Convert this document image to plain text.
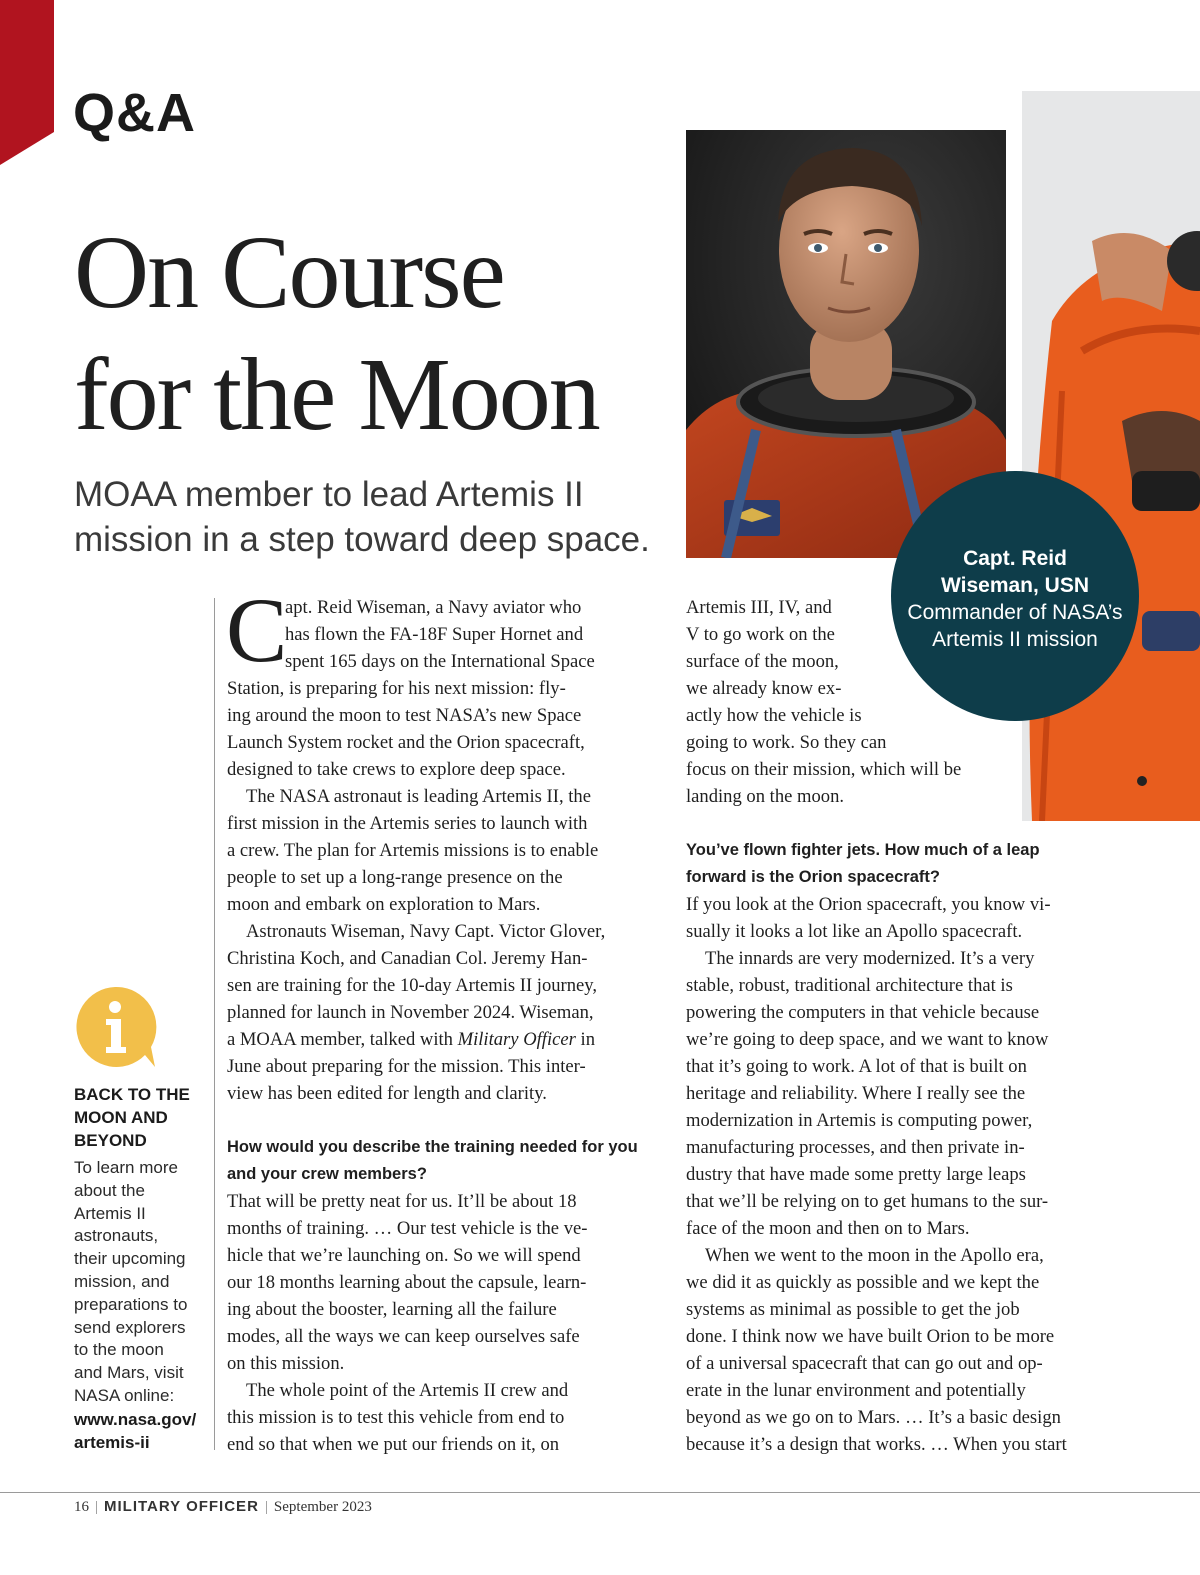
Q&A
On Course
for the Moon
MOAA member to lead Artemis II
mission in a step toward deep space.	Capt. Reid
Wiseman, USN
Commander of NASA’s
Artemis II mission
BACK TO THE
MOON AND
BEYOND
To learn more
about the
Artemis II
astronauts,
their upcoming
mission, and
preparations to
send explorers
to the moon
and Mars, visit
NASA online:
www.nasa.gov/
artemis-ii
C
apt. Reid Wiseman, a Navy aviator who
has flown the FA-18F Super Hornet and
spent 165 days on the International Space
Station, is preparing for his next mission: fly-
ing around the moon to test NASA’s new Space
Launch System rocket and the Orion spacecraft,
designed to take crews to explore deep space.
The NASA astronaut is leading Artemis II, the
first mission in the Artemis series to launch with
a crew. The plan for Artemis missions is to enable
people to set up a long-range presence on the
moon and embark on exploration to Mars.
Astronauts Wiseman, Navy Capt. Victor Glover,
Christina Koch, and Canadian Col. Jeremy Han-
sen are training for the 10-day Artemis II journey,
planned for launch in November 2024. Wiseman,
a MOAA member, talked with Military Officer in
June about preparing for the mission. This inter-
view has been edited for length and clarity.
How would you describe the training needed for you
and your crew members?
That will be pretty neat for us. It’ll be about 18
months of training. … Our test vehicle is the ve-
hicle that we’re launching on. So we will spend
our 18 months learning about the capsule, learn-
ing about the booster, learning all the failure
modes, all the ways we can keep ourselves safe
on this mission.
The whole point of the Artemis II crew and
this mission is to test this vehicle from end to
end so that when we put our friends on it, on
Artemis III, IV, and
V to go work on the
surface of the moon,
we already know ex-
actly how the vehicle is
going to work. So they can
focus on their mission, which will be
landing on the moon.
You’ve flown fighter jets. How much of a leap
forward is the Orion spacecraft?
If you look at the Orion spacecraft, you know vi-
sually it looks a lot like an Apollo spacecraft.
The innards are very modernized. It’s a very
stable, robust, traditional architecture that is
powering the computers in that vehicle because
we’re going to deep space, and we want to know
that it’s going to work. A lot of that is built on
heritage and reliability. Where I really see the
modernization in Artemis is computing power,
manufacturing processes, and then private in-
dustry that have made some pretty large leaps
that we’ll be relying on to get humans to the sur-
face of the moon and then on to Mars.
When we went to the moon in the Apollo era,
we did it as quickly as possible and we kept the
systems as minimal as possible to get the job
done. I think now we have built Orion to be more
of a universal spacecraft that can go out and op-
erate in the lunar environment and potentially
beyond as we go on to Mars. … It’s a basic design
because it’s a design that works. … When you start
16 | MILITARY OFFICER | September 2023
